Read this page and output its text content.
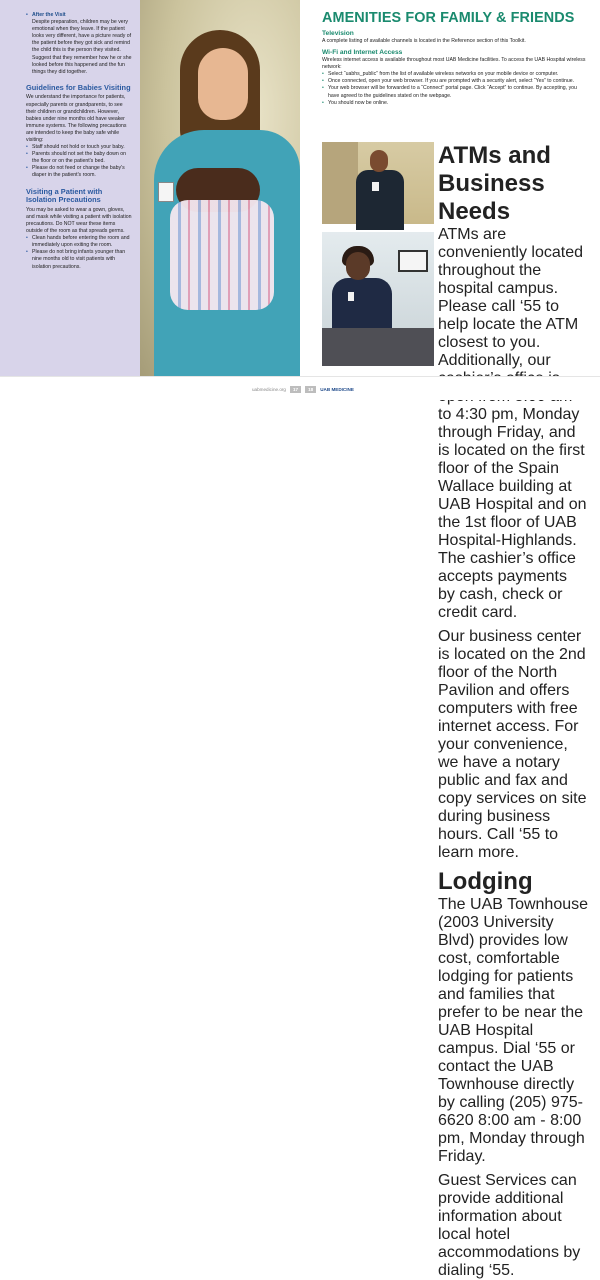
• After the Visit

Despite preparation, children may be very emotional when they leave. If the patient looks very different, have a picture ready of the patient before they got sick and remind the child this is the person they visited. Suggest that they remember how he or she looked before this happened and the fun things they did together.

Guidelines for Babies Visiting

We understand the importance for patients, especially parents or grandparents, to see their children or grandchildren. However, babies under nine months old have weaker immune systems. The following precautions are intended to keep the baby safe while visiting:

• Staff should not hold or touch your baby.
• Parents should not set the baby down on the floor or on the patient's bed.
• Please do not feed or change the baby's diaper in the patient's room.
Visiting a Patient with Isolation Precautions

You may be asked to wear a gown, gloves, and mask while visiting a patient with isolation precautions. Do NOT wear these items outside of the room as that spreads germs.

• Clean hands before entering the room and immediately upon exiting the room.
• Please do not bring infants younger than nine months old to visit patients with isolation precautions.
AMENITIES FOR FAMILY & FRIENDS
Television

A complete listing of available channels is located in the Reference section of this Toolkit.

Wi-Fi and Internet Access

Wireless internet access is available throughout most UAB Medicine facilities. To access the UAB Hospital wireless network:

• Select “uabhs_public” from the list of available wireless networks on your mobile device or computer.
• Once connected, open your web browser. If you are prompted with a security alert, select “Yes” to continue.
• Your web browser will be forwarded to a “Connect” portal page. Click “Accept” to continue. By accepting, you have agreed to the guidelines stated on the webpage.
• You should now be online.
ATMs and Business Needs

ATMs are conveniently located throughout the hospital campus. Please call ‘55 to help locate the ATM closest to you. Additionally, our to 4:30 pm, Monday through Friday, and is located on the first floor of the Spain Wallace building at UAB Hospital and on the 1st floor of UAB Hospital-Highlands. The cashier’s office accepts payments by cash, check or credit card.

Our business center is located on the 2nd floor of the North Pavilion and offers computers with free internet access. For your convenience, we have a notary public and fax and copy services on site during business hours. Call ‘55 to learn more.

Lodging

The UAB Townhouse (2003 University Blvd) provides low cost, comfortable lodging for patients and families that prefer to be near the UAB Hospital campus. Dial ‘55 or contact the UAB Townhouse directly by calling (205) 975-6620 8:00 am - 8:00 pm, Monday through Friday.

Guest Services can provide additional information about local hotel accommodations by dialing ‘55.

uabmedicine.org	17	18	UAB MEDICINE
